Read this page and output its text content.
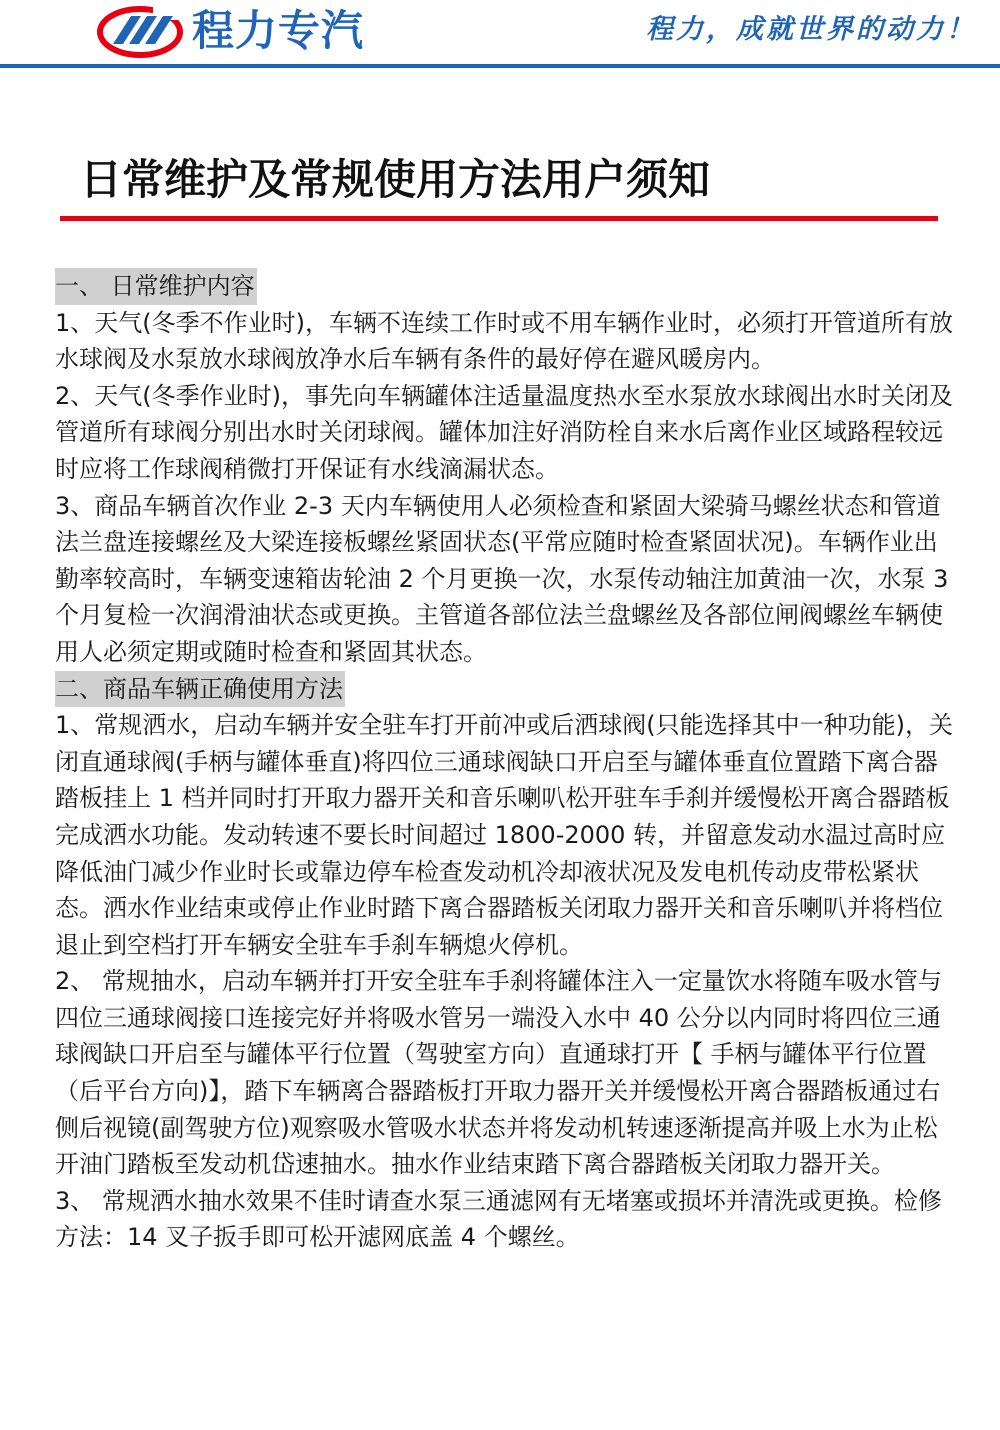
程力专汽	程力，成就世界的动力！
日常维护及常规使用方法用户须知

一、 日常维护内容

1、天气(冬季不作业时)，车辆不连续工作时或不用车辆作业时，必须打开管道所有放水球阀及水泵放水球阀放净水后车辆有条件的最好停在避风暖房内。

2、天气(冬季作业时)，事先向车辆罐体注适量温度热水至水泵放水球阀出水时关闭及管道所有球阀分别出水时关闭球阀。罐体加注好消防栓自来水后离作业区域路程较远时应将工作球阀稍微打开保证有水线滴漏状态。

3、商品车辆首次作业 2-3 天内车辆使用人必须检查和紧固大梁骑马螺丝状态和管道法兰盘连接螺丝及大梁连接板螺丝紧固状态(平常应随时检查紧固状况)。车辆作业出勤率较高时，车辆变速箱齿轮油 2 个月更换一次，水泵传动轴注加黄油一次，水泵 3 个月复检一次润滑油状态或更换。主管道各部位法兰盘螺丝及各部位闸阀螺丝车辆使用人必须定期或随时检查和紧固其状态。

二、商品车辆正确使用方法

1、常规洒水，启动车辆并安全驻车打开前冲或后洒球阀(只能选择其中一种功能)，关闭直通球阀(手柄与罐体垂直)将四位三通球阀缺口开启至与罐体垂直位置踏下离合器踏板挂上 1 档并同时打开取力器开关和音乐喇叭松开驻车手刹并缓慢松开离合器踏板完成洒水功能。发动转速不要长时间超过 1800-2000 转，并留意发动水温过高时应降低油门减少作业时长或靠边停车检查发动机冷却液状况及发电机传动皮带松紧状态。洒水作业结束或停止作业时踏下离合器踏板关闭取力器开关和音乐喇叭并将档位退止到空档打开车辆安全驻车手刹车辆熄火停机。

2、 常规抽水，启动车辆并打开安全驻车手刹将罐体注入一定量饮水将随车吸水管与四位三通球阀接口连接完好并将吸水管另一端没入水中 40 公分以内同时将四位三通球阀缺口开启至与罐体平行位置（驾驶室方向）直通球打开【 手柄与罐体平行位置（后平台方向)】，踏下车辆离合器踏板打开取力器开关并缓慢松开离合器踏板通过右侧后视镜(副驾驶方位)观察吸水管吸水状态并将发动机转速逐渐提高并吸上水为止松开油门踏板至发动机岱速抽水。抽水作业结束踏下离合器踏板关闭取力器开关。

3、 常规洒水抽水效果不佳时请查水泵三通滤网有无堵塞或损坏并清洗或更换。检修方法：14 叉子扳手即可松开滤网底盖 4 个螺丝。
